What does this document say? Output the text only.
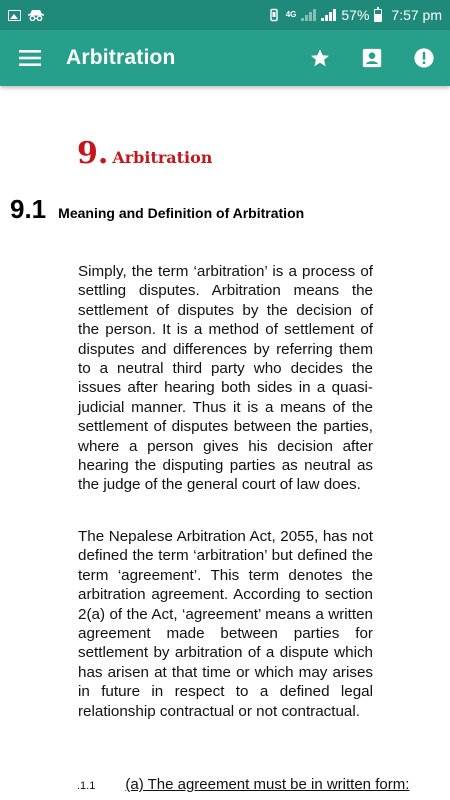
4G	57% 7:57 pm
Arbitration
9. Arbitration
9.1 Meaning and Definition of Arbitration

Simply, the term ‘arbitration’ is a process of settling disputes. Arbitration means the settlement of disputes by the decision of the person. It is a method of settlement of disputes and differences by referring them to a neutral third party who decides the issues after hearing both sides in a quasi-judicial manner. Thus it is a means of the settlement of disputes between the parties, where a person gives his decision after hearing the disputing parties as neutral as the judge of the general court of law does.

The Nepalese Arbitration Act, 2055, has not defined the term ‘arbitration’ but defined the term ‘agreement’. This term denotes the arbitration agreement. According to section 2(a) of the Act, ‘agreement’ means a written agreement made between parties for settlement by arbitration of a dispute which has arisen at that time or which may arises in future in respect to a defined legal relationship contractual or not contractual.

.1.1 (a) The agreement must be in written form:
